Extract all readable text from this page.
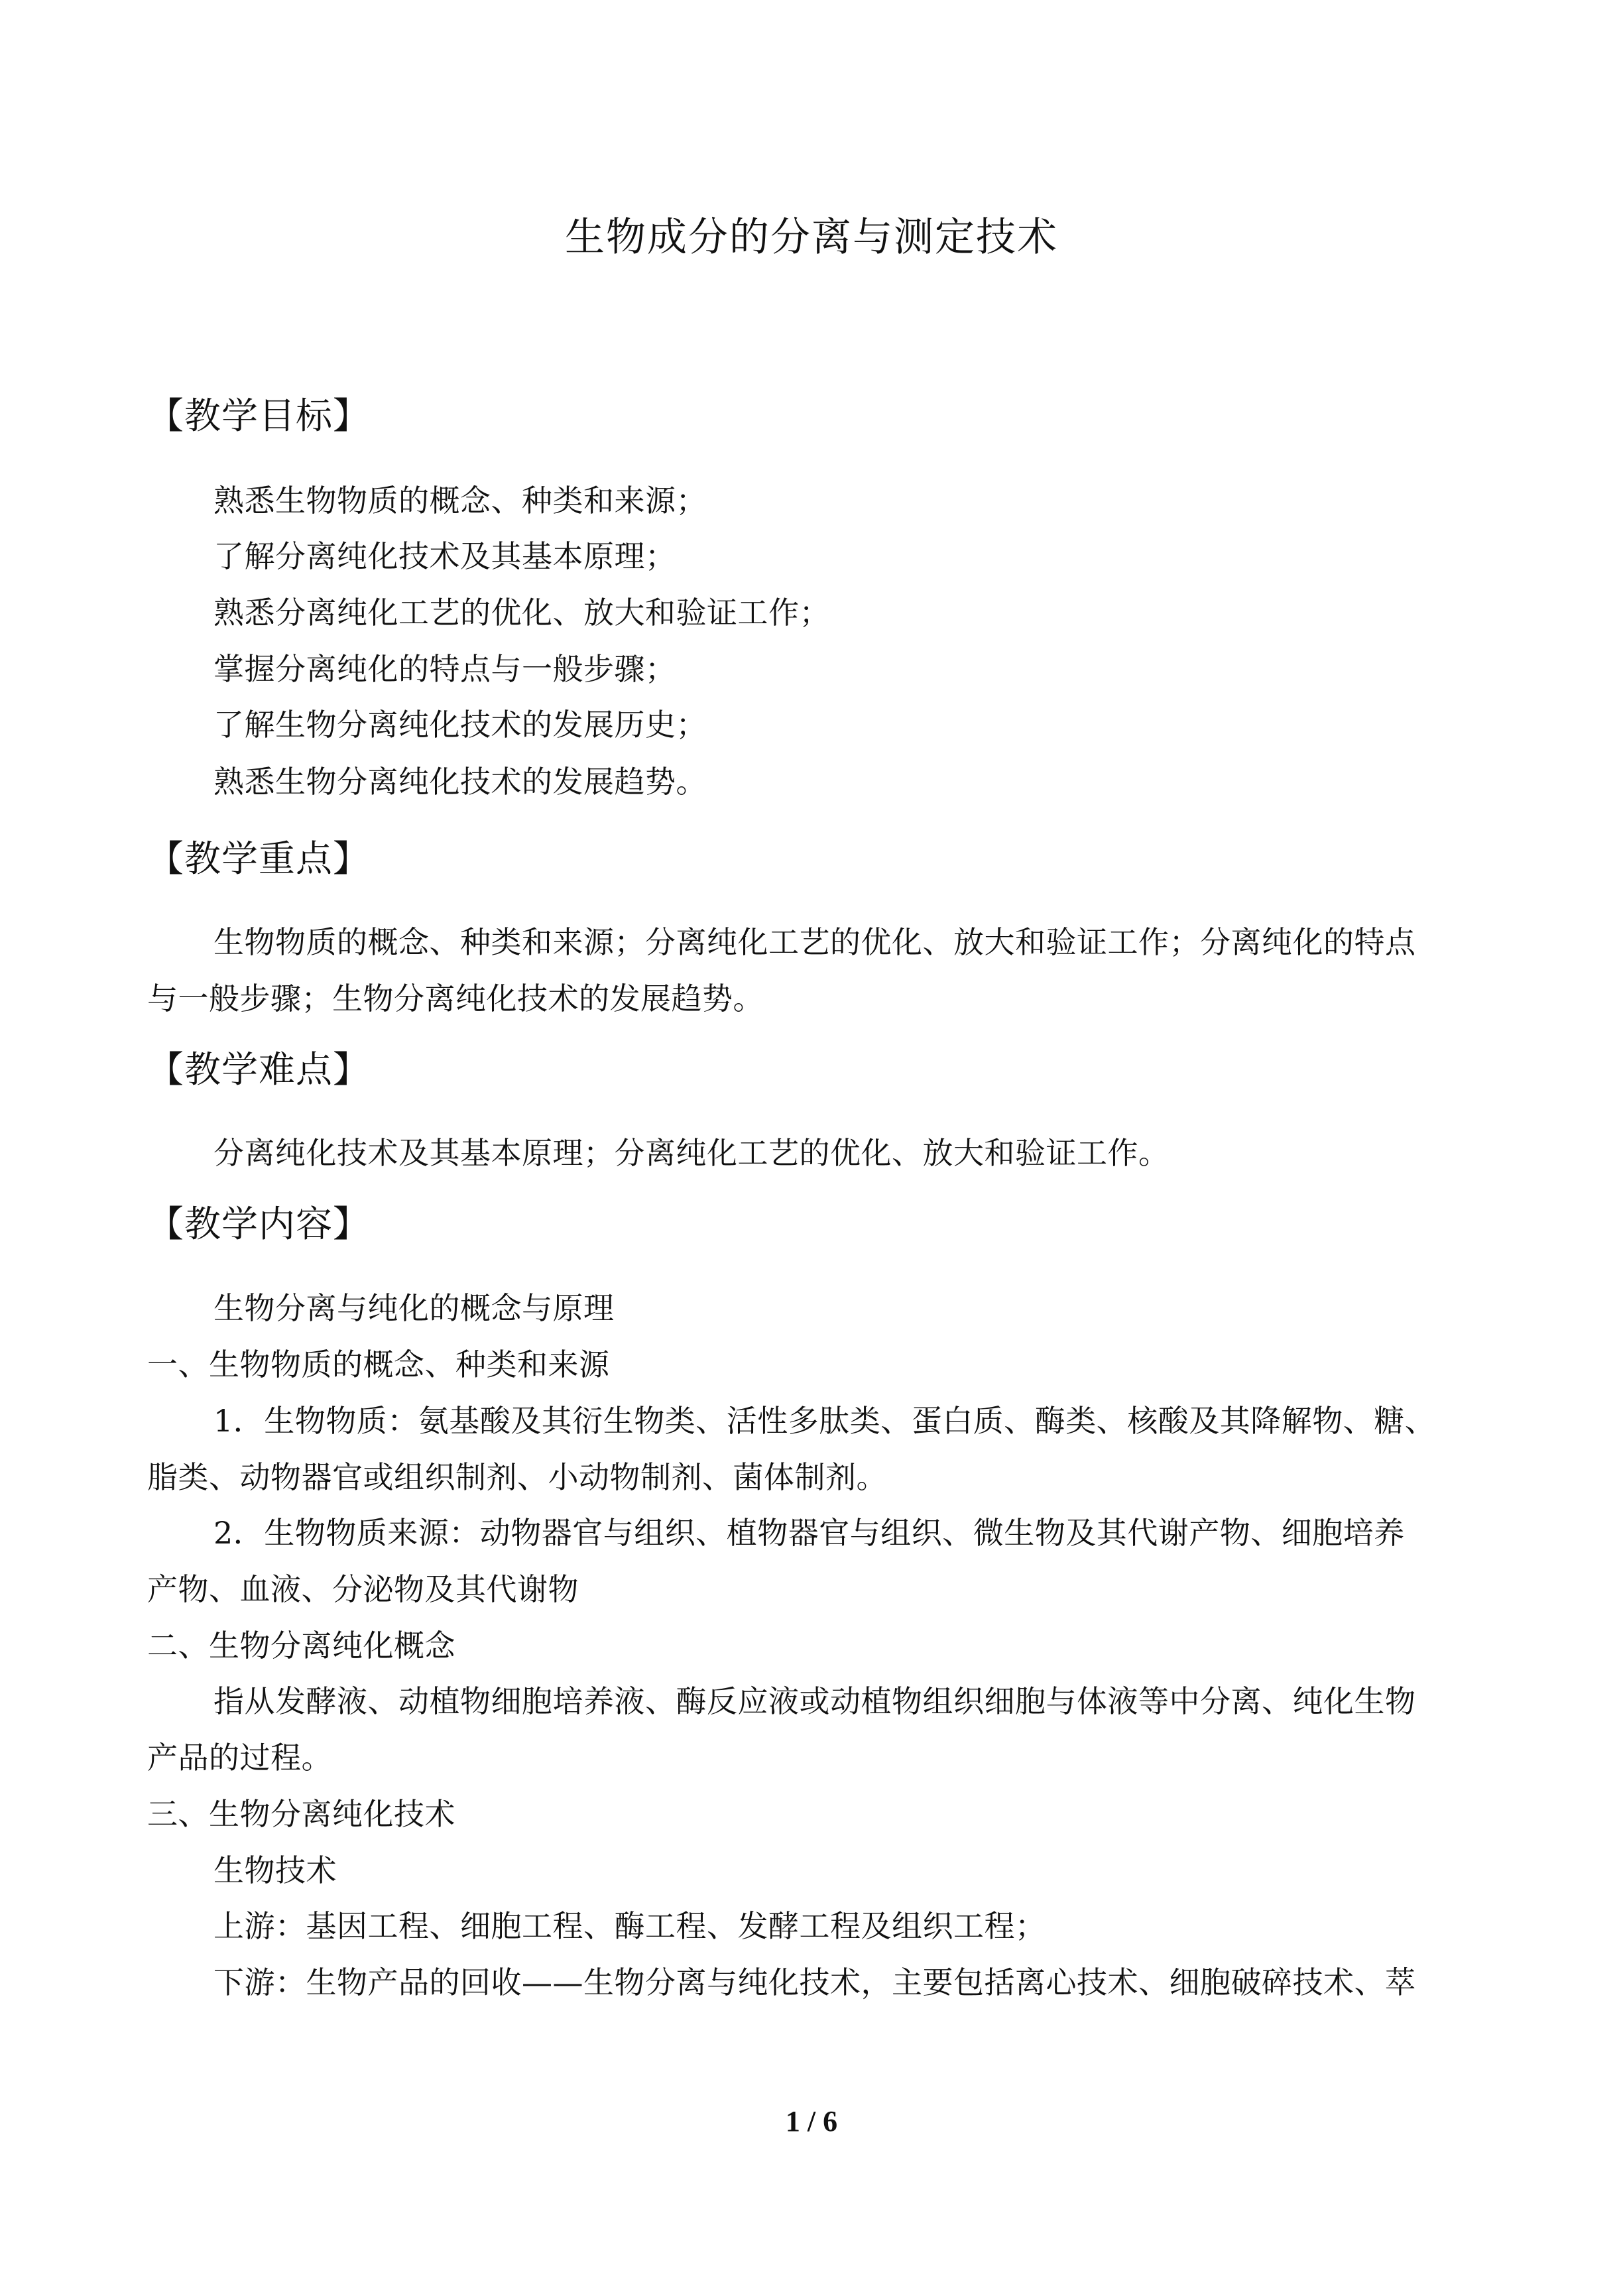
生物成分的分离与测定技术
【教学目标】
熟悉生物物质的概念、种类和来源；
了解分离纯化技术及其基本原理；
熟悉分离纯化工艺的优化、放大和验证工作；
掌握分离纯化的特点与一般步骤；
了解生物分离纯化技术的发展历史；
熟悉生物分离纯化技术的发展趋势。
【教学重点】
生物物质的概念、种类和来源；分离纯化工艺的优化、放大和验证工作；分离纯化的特点
与一般步骤；生物分离纯化技术的发展趋势。
【教学难点】
分离纯化技术及其基本原理；分离纯化工艺的优化、放大和验证工作。
【教学内容】
生物分离与纯化的概念与原理
一、生物物质的概念、种类和来源
1．生物物质：氨基酸及其衍生物类、活性多肽类、蛋白质、酶类、核酸及其降解物、糖、
脂类、动物器官或组织制剂、小动物制剂、菌体制剂。
2．生物物质来源：动物器官与组织、植物器官与组织、微生物及其代谢产物、细胞培养
产物、血液、分泌物及其代谢物
二、生物分离纯化概念
指从发酵液、动植物细胞培养液、酶反应液或动植物组织细胞与体液等中分离、纯化生物
产品的过程。
三、生物分离纯化技术
生物技术
上游：基因工程、细胞工程、酶工程、发酵工程及组织工程；
下游：生物产品的回收——生物分离与纯化技术，主要包括离心技术、细胞破碎技术、萃
1 / 6
